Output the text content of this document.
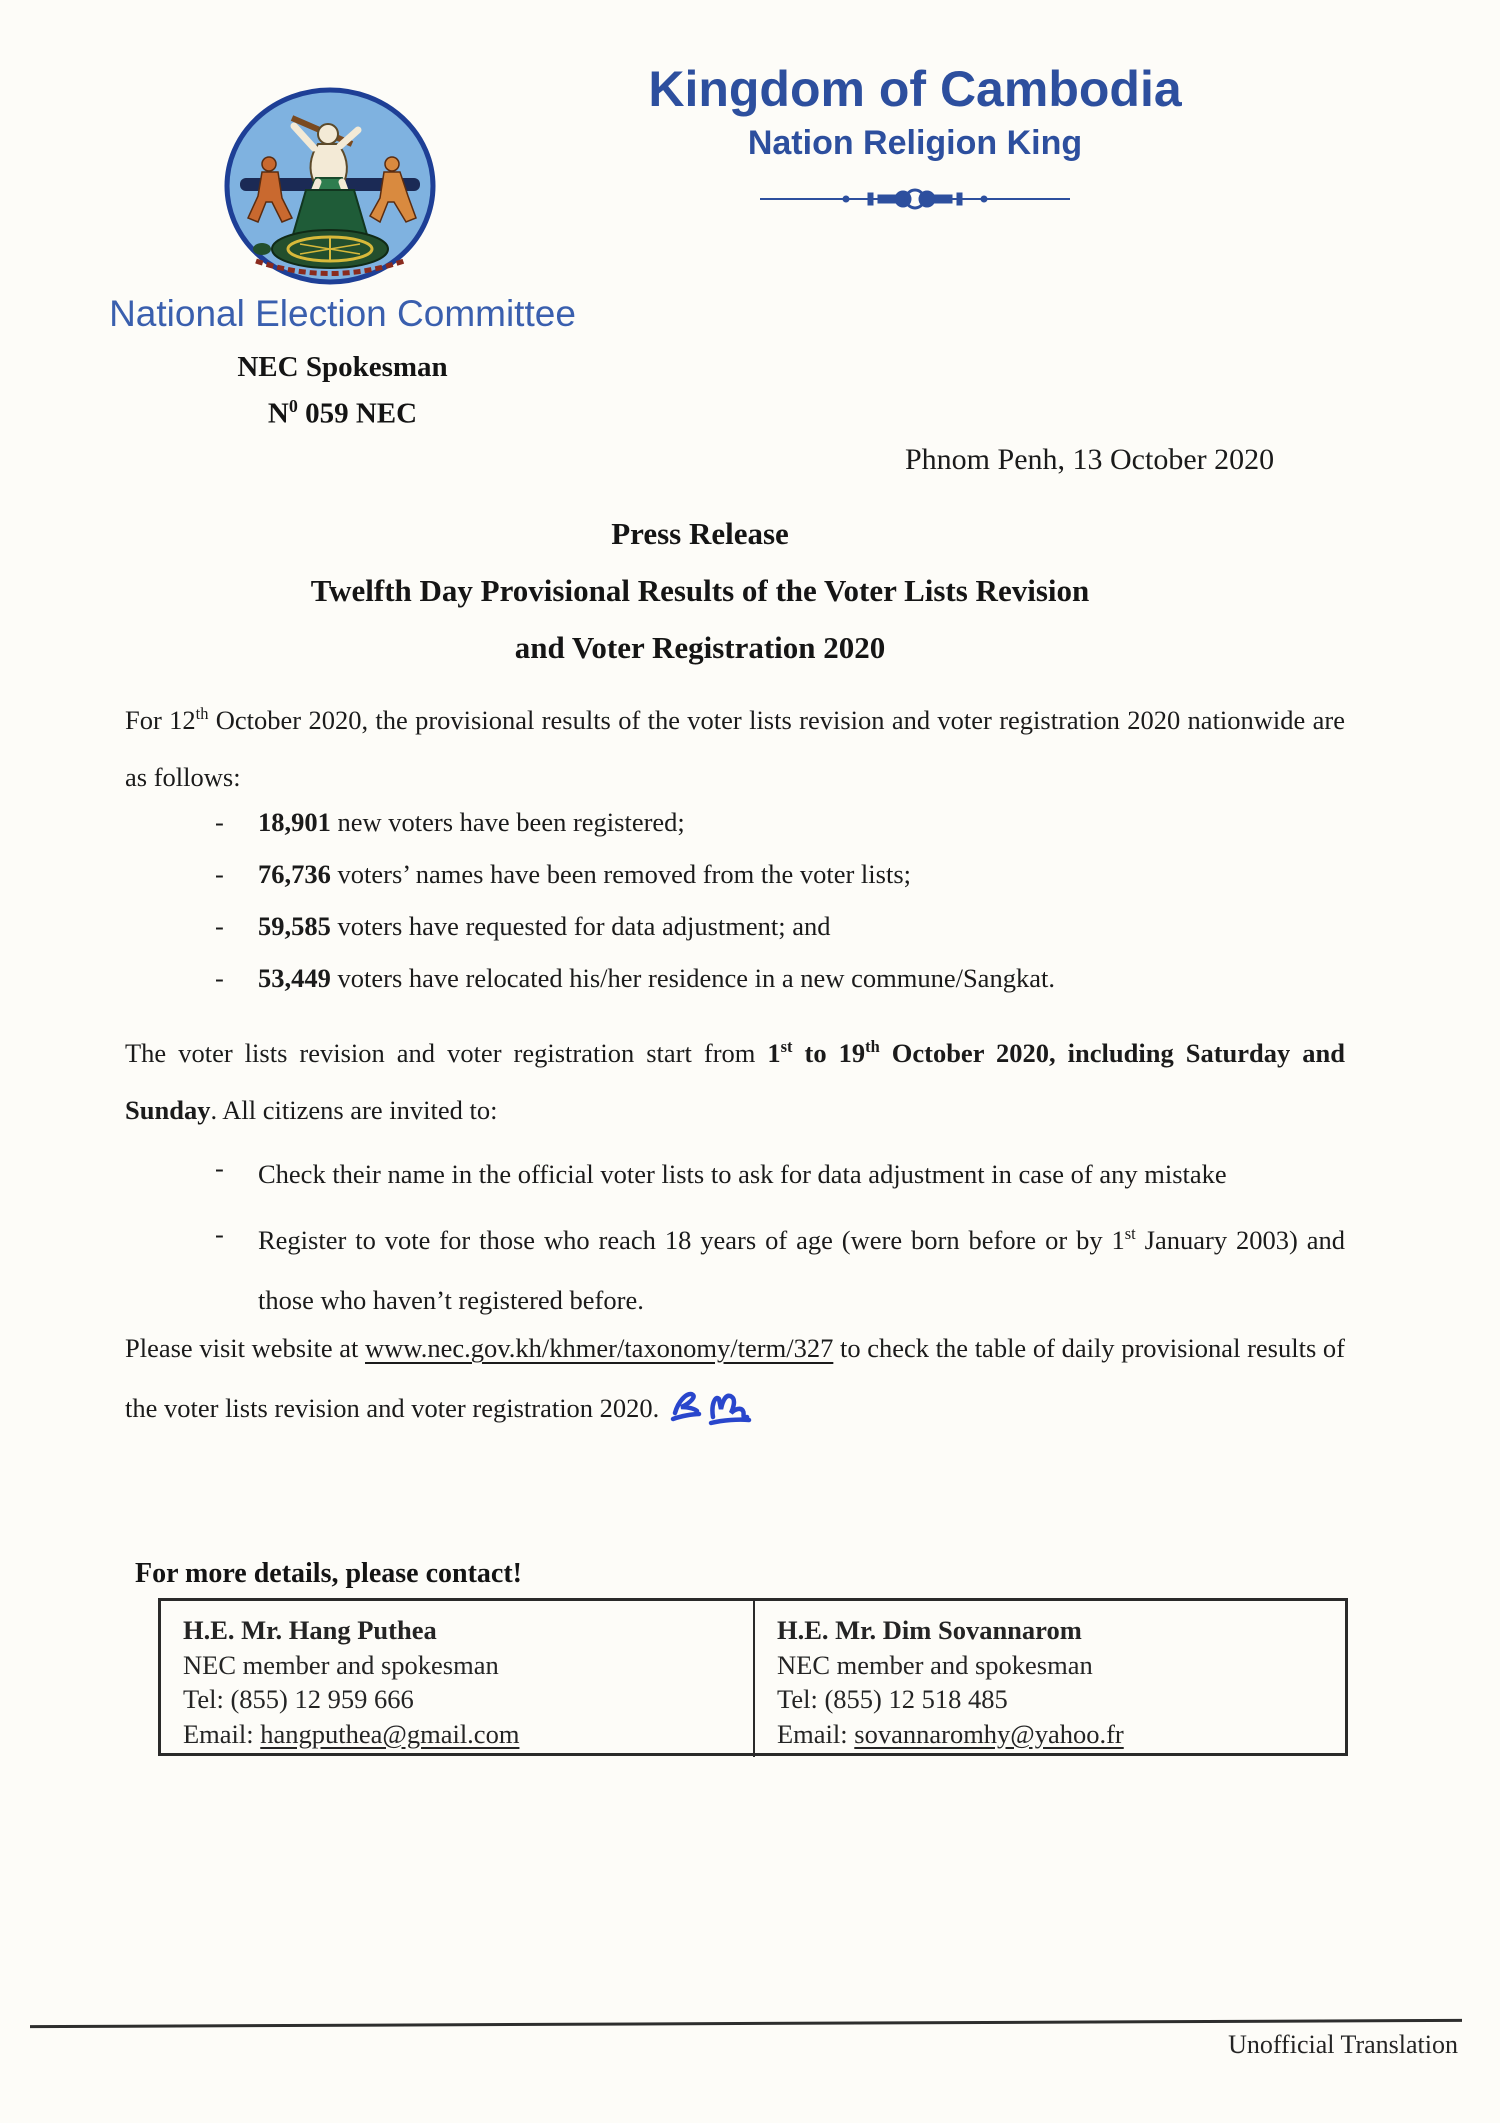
Kingdom of Cambodia
Nation Religion King
National Election Committee
NEC Spokesman
$N^0$ 059 NEC
Phnom Penh, 13 October 2020
Press Release
Twelfth Day Provisional Results of the Voter Lists Revision
and Voter Registration 2020
For 12th October 2020, the provisional results of the voter lists revision and voter registration 2020 nationwide are as follows:
-	18,901 new voters have been registered;
-	76,736 voters’ names have been removed from the voter lists;
-	59,585 voters have requested for data adjustment; and
-	53,449 voters have relocated his/her residence in a new commune/Sangkat.
The voter lists revision and voter registration start from 1st to 19th October 2020, including Saturday and Sunday. All citizens are invited to:
-	Check their name in the official voter lists to ask for data adjustment in case of any mistake
-	Register to vote for those who reach 18 years of age (were born before or by 1st January 2003) and those who haven’t registered before.
Please visit website at www.nec.gov.kh/khmer/taxonomy/term/327 to check the table of daily provisional results of the voter lists revision and voter registration 2020.
For more details, please contact!
H.E. Mr. Hang Puthea
NEC member and spokesman
Tel: (855) 12 959 666
Email: hangputhea@gmail.com
H.E. Mr. Dim Sovannarom
NEC member and spokesman
Tel: (855) 12 518 485
Email: sovannaromhy@yahoo.fr
Unofficial Translation
